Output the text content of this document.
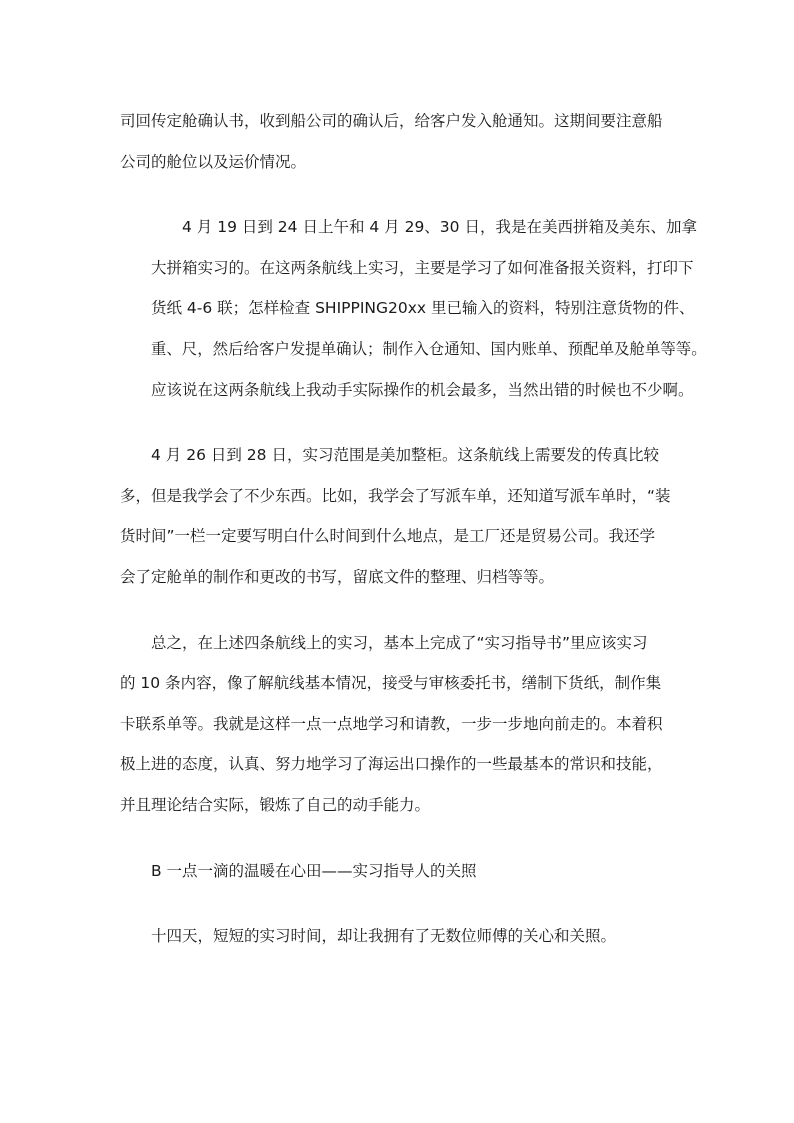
司回传定舱确认书，收到船公司的确认后，给客户发入舱通知。这期间要注意船
公司的舱位以及运价情况。
4 月 19 日到 24 日上午和 4 月 29、30 日，我是在美西拼箱及美东、加拿
大拼箱实习的。在这两条航线上实习，主要是学习了如何准备报关资料，打印下
货纸 4-6 联；怎样检查 SHIPPING20xx 里已输入的资料，特别注意货物的件、
重、尺，然后给客户发提单确认；制作入仓通知、国内账单、预配单及舱单等等。
应该说在这两条航线上我动手实际操作的机会最多，当然出错的时候也不少啊。
4 月 26 日到 28 日，实习范围是美加整柜。这条航线上需要发的传真比较
多，但是我学会了不少东西。比如，我学会了写派车单，还知道写派车单时，“装
货时间”一栏一定要写明白什么时间到什么地点，是工厂还是贸易公司。我还学
会了定舱单的制作和更改的书写，留底文件的整理、归档等等。
总之，在上述四条航线上的实习，基本上完成了“实习指导书”里应该实习
的 10 条内容，像了解航线基本情况，接受与审核委托书，缮制下货纸，制作集
卡联系单等。我就是这样一点一点地学习和请教，一步一步地向前走的。本着积
极上进的态度，认真、努力地学习了海运出口操作的一些最基本的常识和技能，
并且理论结合实际，锻炼了自己的动手能力。
B 一点一滴的温暖在心田——实习指导人的关照
十四天，短短的实习时间，却让我拥有了无数位师傅的关心和关照。
